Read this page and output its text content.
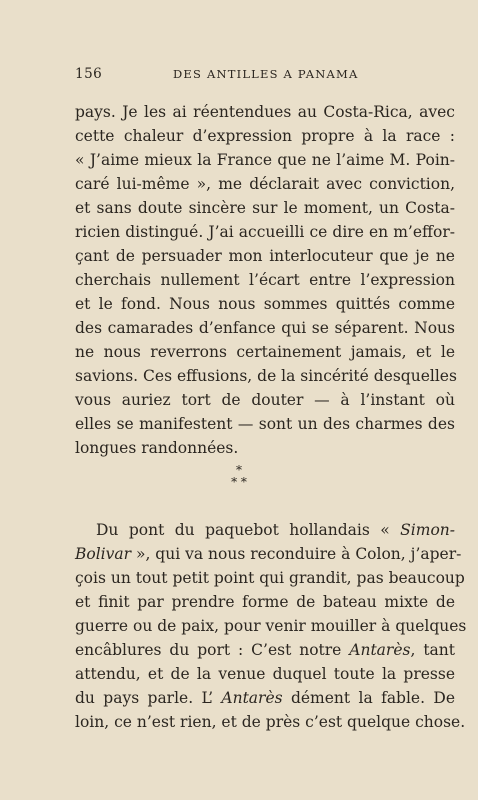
156	DES ANTILLES A PANAMA
pays. Je les ai réentendues au Costa-Rica, avec
cette chaleur d’expression propre à la race :
« J’aime mieux la France que ne l’aime M. Poin-
caré lui-même », me déclarait avec conviction,
et sans doute sincère sur le moment, un Costa-
ricien distingué. J’ai accueilli ce dire en m’effor-
çant de persuader mon interlocuteur que je ne
cherchais nullement l’écart entre l’expression
et le fond. Nous nous sommes quittés comme
des camarades d’enfance qui se séparent. Nous
ne nous reverrons certainement jamais, et le
savions. Ces effusions, de la sincérité desquelles
vous auriez tort de douter — à l’instant où
elles se manifestent — sont un des charmes des
longues randonnées.
*
* *
Du pont du paquebot hollandais « Simon-
Bolivar », qui va nous reconduire à Colon, j’aper-
çois un tout petit point qui grandit, pas beaucoup
et finit par prendre forme de bateau mixte de
guerre ou de paix, pour venir mouiller à quelques
encâblures du port : C’est notre Antarès, tant
attendu, et de la venue duquel toute la presse
du pays parle. L’ Antarès dément la fable. De
loin, ce n’est rien, et de près c’est quelque chose.
